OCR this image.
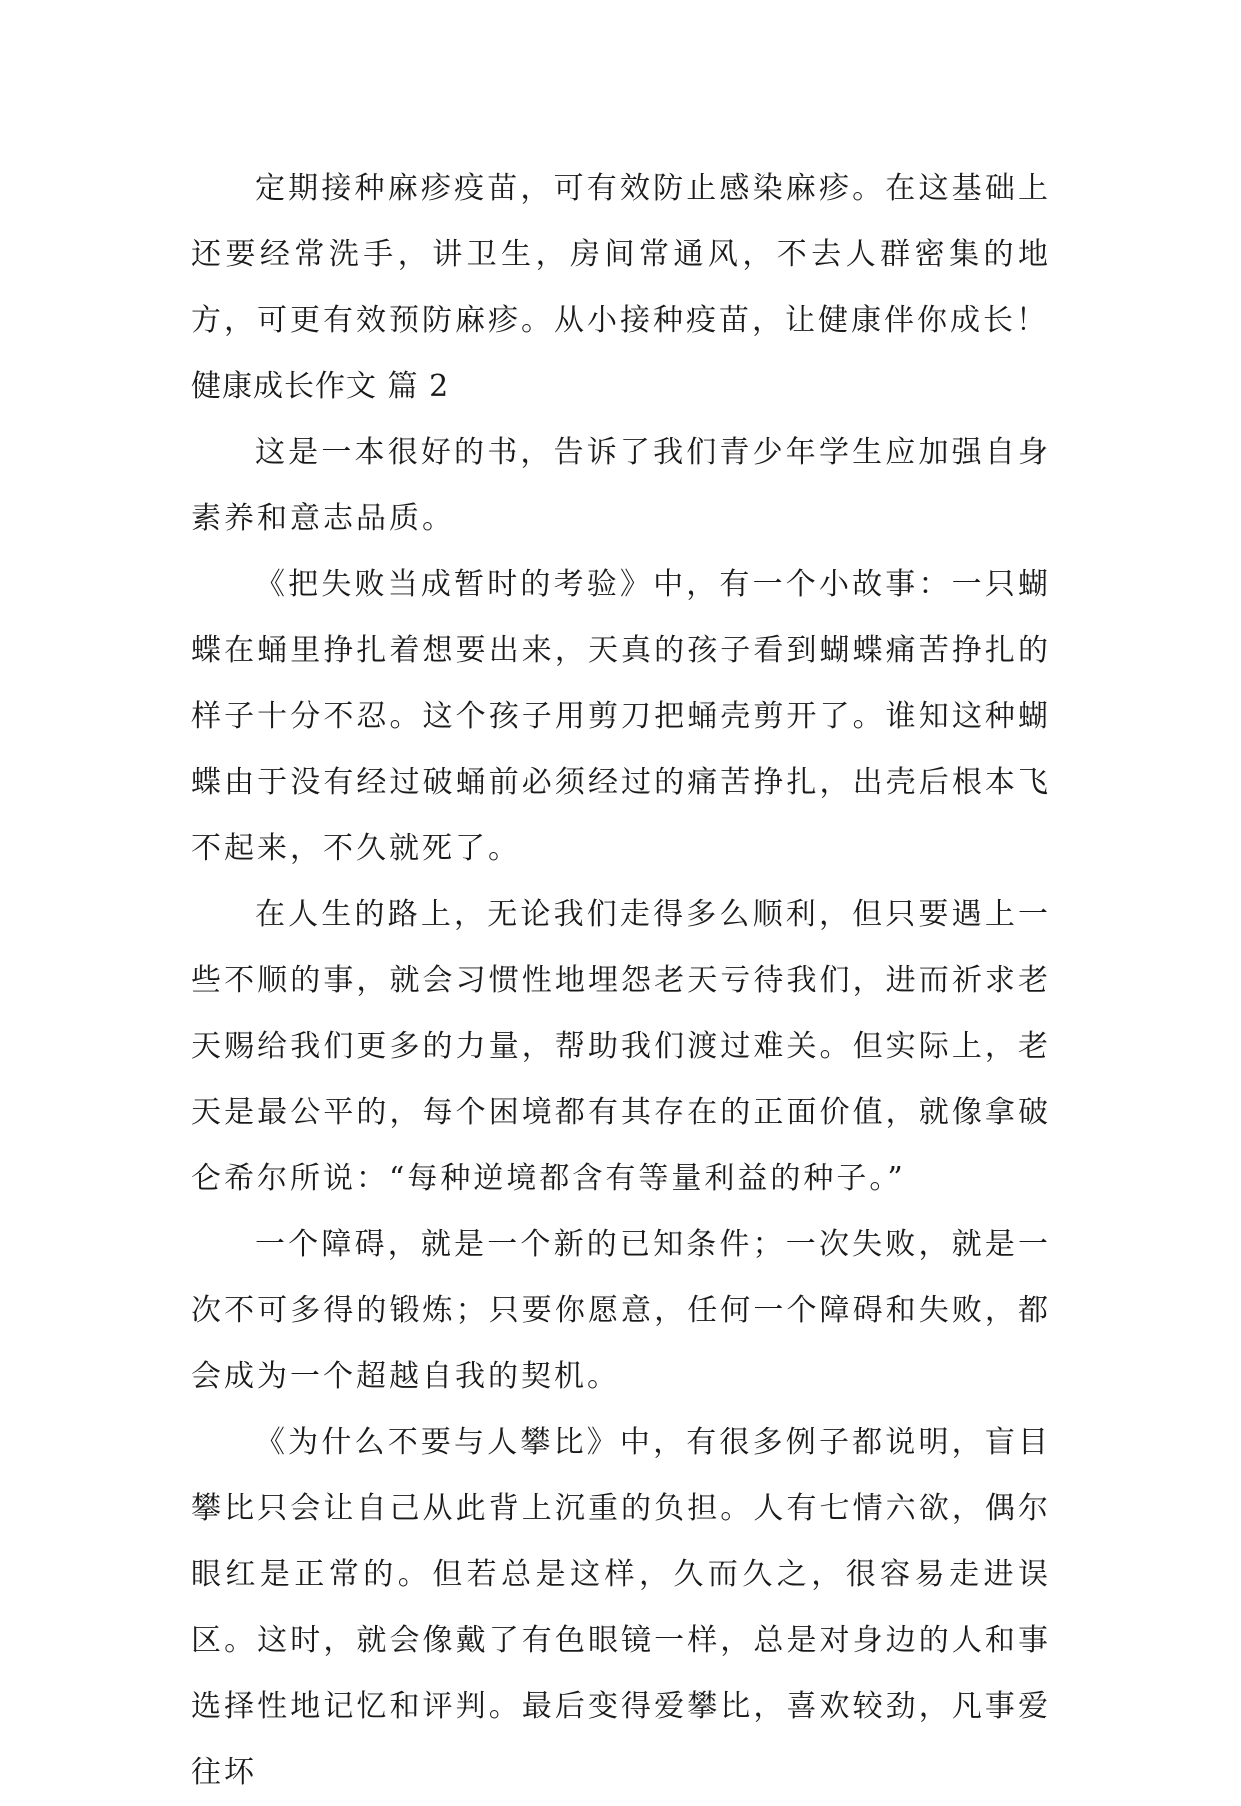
定期接种麻疹疫苗，可有效防止感染麻疹。在这基础上还要经常洗手，讲卫生，房间常通风，不去人群密集的地方，可更有效预防麻疹。从小接种疫苗，让健康伴你成长！

健康成长作文 篇 2

这是一本很好的书，告诉了我们青少年学生应加强自身素养和意志品质。

《把失败当成暂时的考验》中，有一个小故事：一只蝴蝶在蛹里挣扎着想要出来，天真的孩子看到蝴蝶痛苦挣扎的样子十分不忍。这个孩子用剪刀把蛹壳剪开了。谁知这种蝴蝶由于没有经过破蛹前必须经过的痛苦挣扎，出壳后根本飞不起来，不久就死了。

在人生的路上，无论我们走得多么顺利，但只要遇上一些不顺的事，就会习惯性地埋怨老天亏待我们，进而祈求老天赐给我们更多的力量，帮助我们渡过难关。但实际上，老天是最公平的，每个困境都有其存在的正面价值，就像拿破仑希尔所说：“每种逆境都含有等量利益的种子。”

一个障碍，就是一个新的已知条件；一次失败，就是一次不可多得的锻炼；只要你愿意，任何一个障碍和失败，都会成为一个超越自我的契机。

《为什么不要与人攀比》中，有很多例子都说明，盲目攀比只会让自己从此背上沉重的负担。人有七情六欲，偶尔眼红是正常的。但若总是这样，久而久之，很容易走进误区。这时，就会像戴了有色眼镜一样，总是对身边的人和事选择性地记忆和评判。最后变得爱攀比，喜欢较劲，凡事爱往坏
